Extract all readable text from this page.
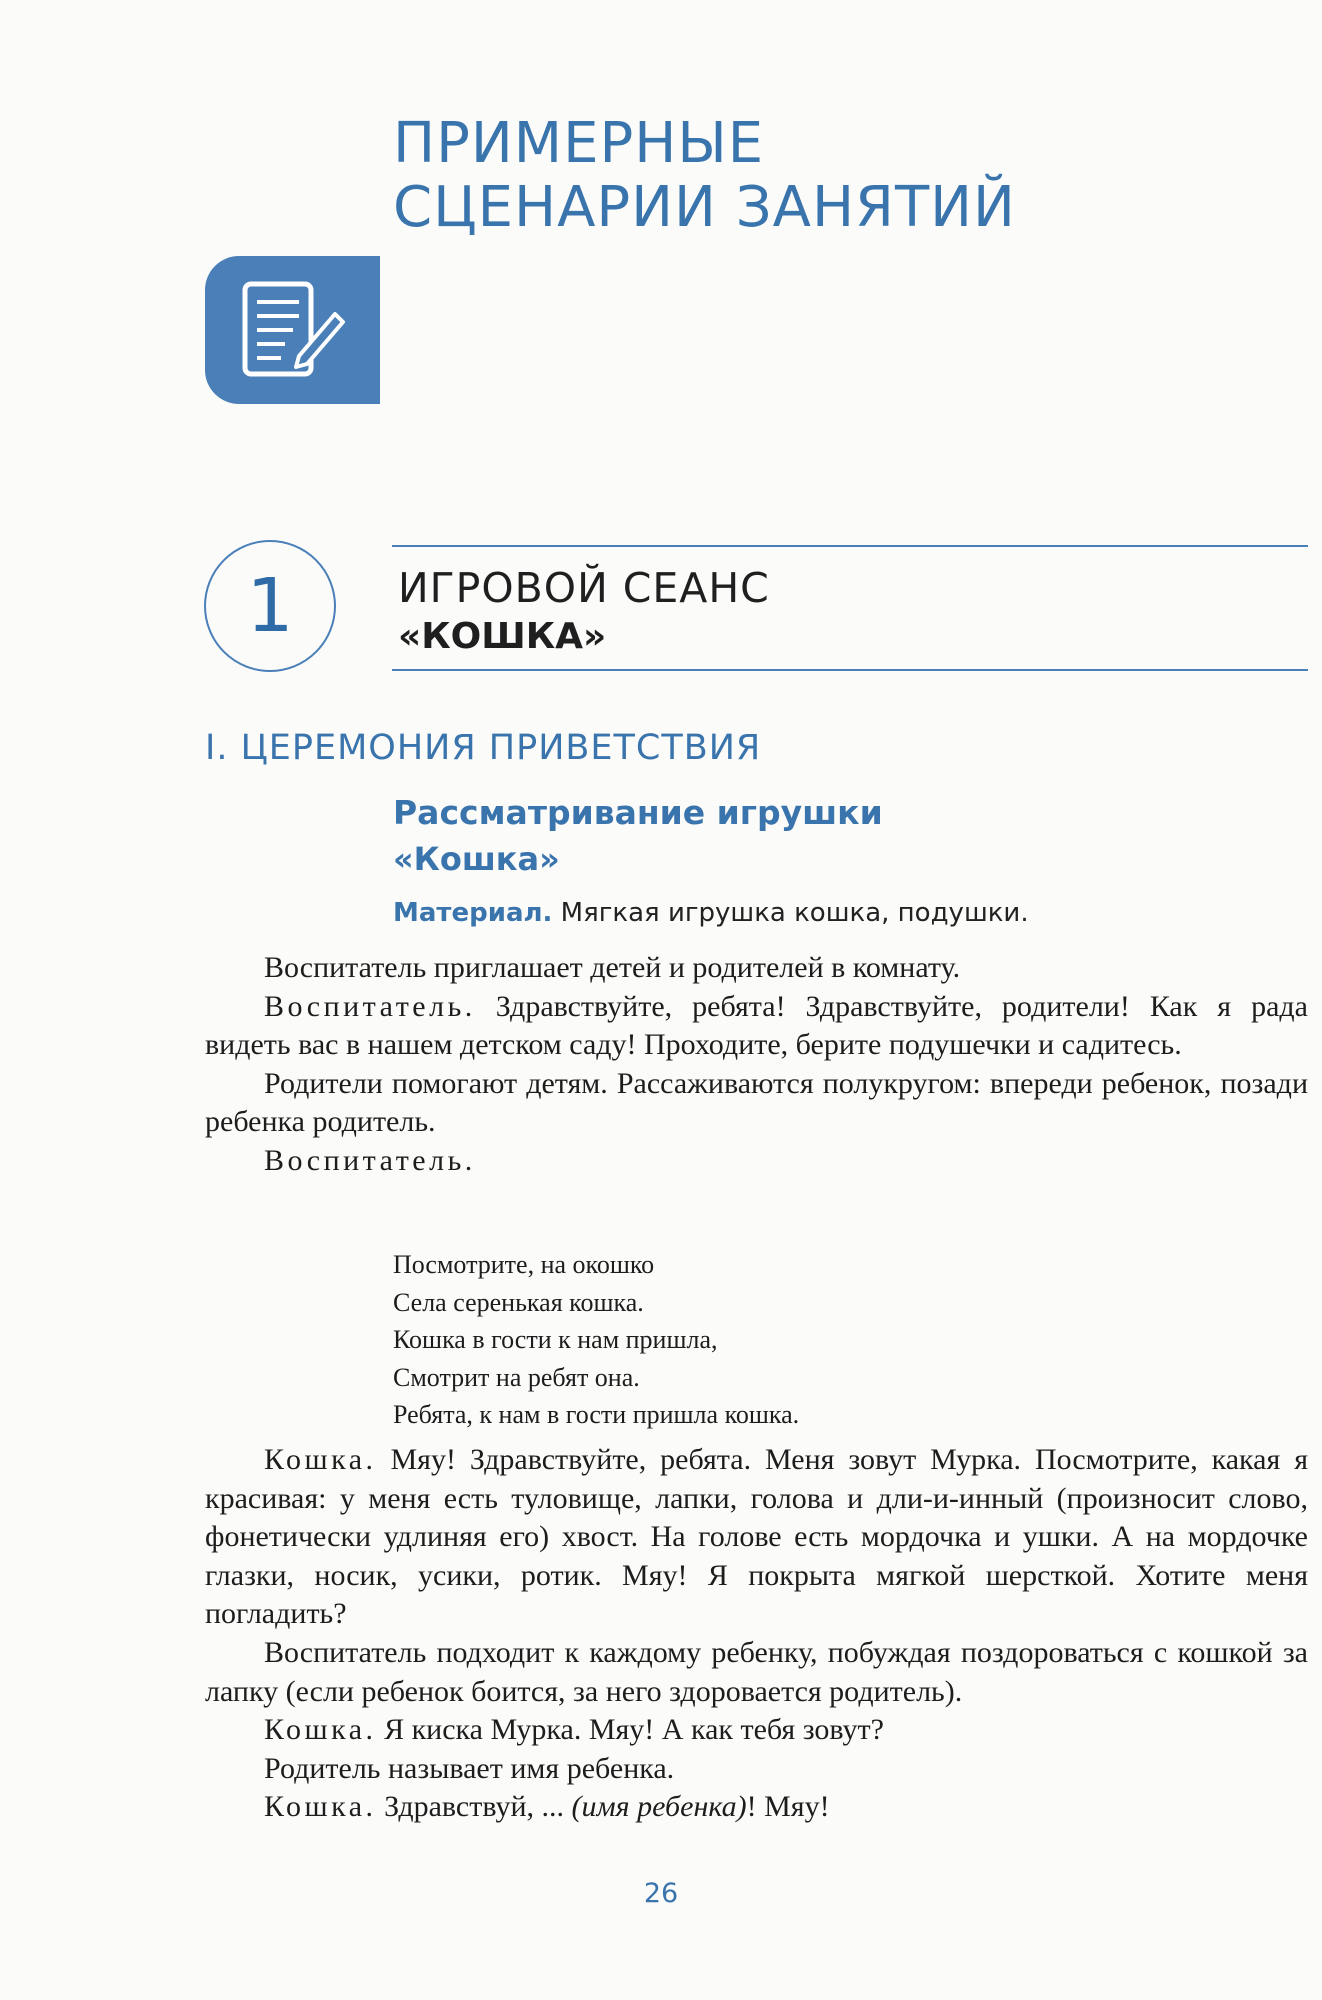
ПРИМЕРНЫЕ
СЦЕНАРИИ ЗАНЯТИЙ
1	ИГРОВОЙ СЕАНС
«КОШКА»
I. ЦЕРЕМОНИЯ ПРИВЕТСТВИЯ
Рассматривание игрушки
«Кошка»
Материал. Мягкая игрушка кошка, подушки.

Воспитатель приглашает детей и родителей в комнату.

Воспитатель. Здравствуйте, ребята! Здравствуйте, родители! Как я рада видеть вас в нашем детском саду! Проходите, берите подушечки и садитесь.

Родители помогают детям. Рассаживаются полукругом: впереди ребенок, позади ребенка родитель.

Воспитатель.

Посмотрите, на окошко
Села серенькая кошка.
Кошка в гости к нам пришла,
Смотрит на ребят она.
Ребята, к нам в гости пришла кошка.

Кошка. Мяу! Здравствуйте, ребята. Меня зовут Мурка. Посмотрите, какая я красивая: у меня есть туловище, лапки, голова и дли-и-инный (произносит слово, фонетически удлиняя его) хвост. На голове есть мордочка и ушки. А на мордочке глазки, носик, усики, ротик. Мяу! Я покрыта мягкой шерсткой. Хотите меня погладить?

Воспитатель подходит к каждому ребенку, побуждая поздороваться с кошкой за лапку (если ребенок боится, за него здоровается родитель).

Кошка. Я киска Мурка. Мяу! А как тебя зовут?

Родитель называет имя ребенка.

Кошка. Здравствуй, ... (имя ребенка)! Мяу!

26
